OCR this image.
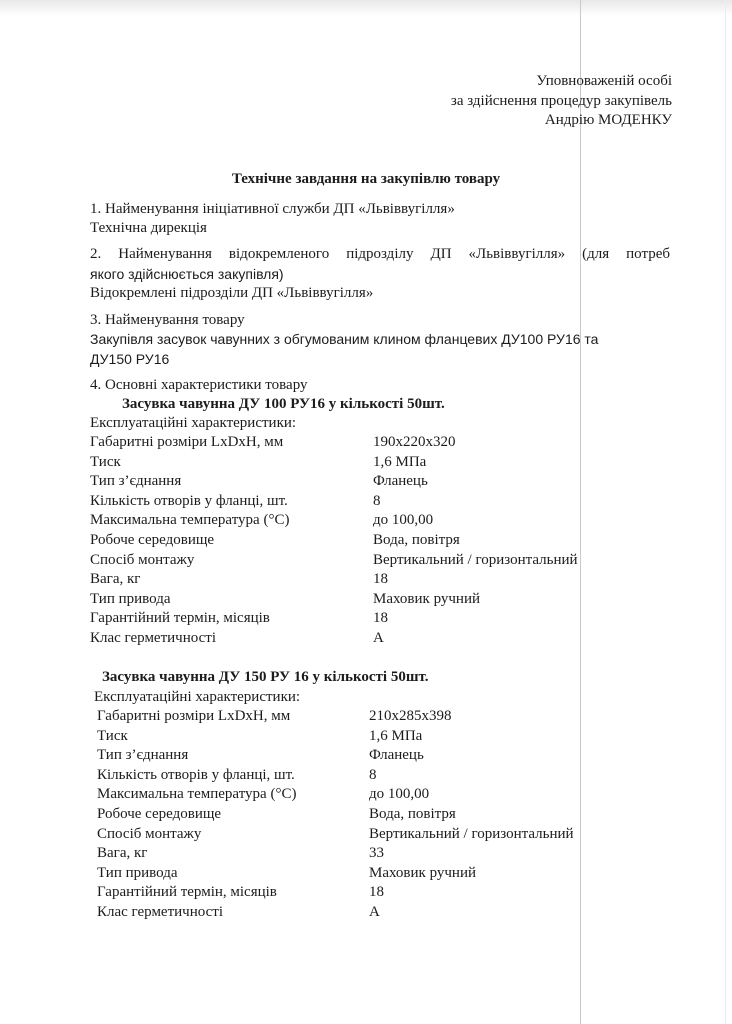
Уповноваженій особі
за здійснення процедур закупівель
Андрію МОДЕНКУ
Технічне завдання на закупівлю товару
1. Найменування ініціативної служби ДП «Львіввугілля»
Технічна дирекція
2. Найменування відокремленого підрозділу ДП «Львіввугілля» (для потреб
якого здійснюється закупівля)
Відокремлені підрозділи ДП «Львіввугілля»
3. Найменування товару
Закупівля засувок чавунних з обгумованим клином фланцевих ДУ100 РУ16 та
ДУ150 РУ16
4. Основні характеристики товару
Засувка чавунна ДУ 100 РУ16 у кількості 50шт.
Експлуатаційні характеристики:
Габаритні розміри LxDxH, мм	190х220х320
Тиск	1,6 МПа
Тип з’єднання	Фланець
Кількість отворів у фланці, шт.	8
Максимальна температура (°С)	до 100,00
Робоче середовище	Вода, повітря
Спосіб монтажу	Вертикальний / горизонтальний
Вага, кг	18
Тип привода	Маховик ручний
Гарантійний термін, місяців	18
Клас герметичності	А
Засувка чавунна ДУ 150 РУ 16 у кількості 50шт.
Експлуатаційні характеристики:
Габаритні розміри LxDxH, мм	210х285х398
Тиск	1,6 МПа
Тип з’єднання	Фланець
Кількість отворів у фланці, шт.	8
Максимальна температура (°С)	до 100,00
Робоче середовище	Вода, повітря
Спосіб монтажу	Вертикальний / горизонтальний
Вага, кг	33
Тип привода	Маховик ручний
Гарантійний термін, місяців	18
Клас герметичності	А
